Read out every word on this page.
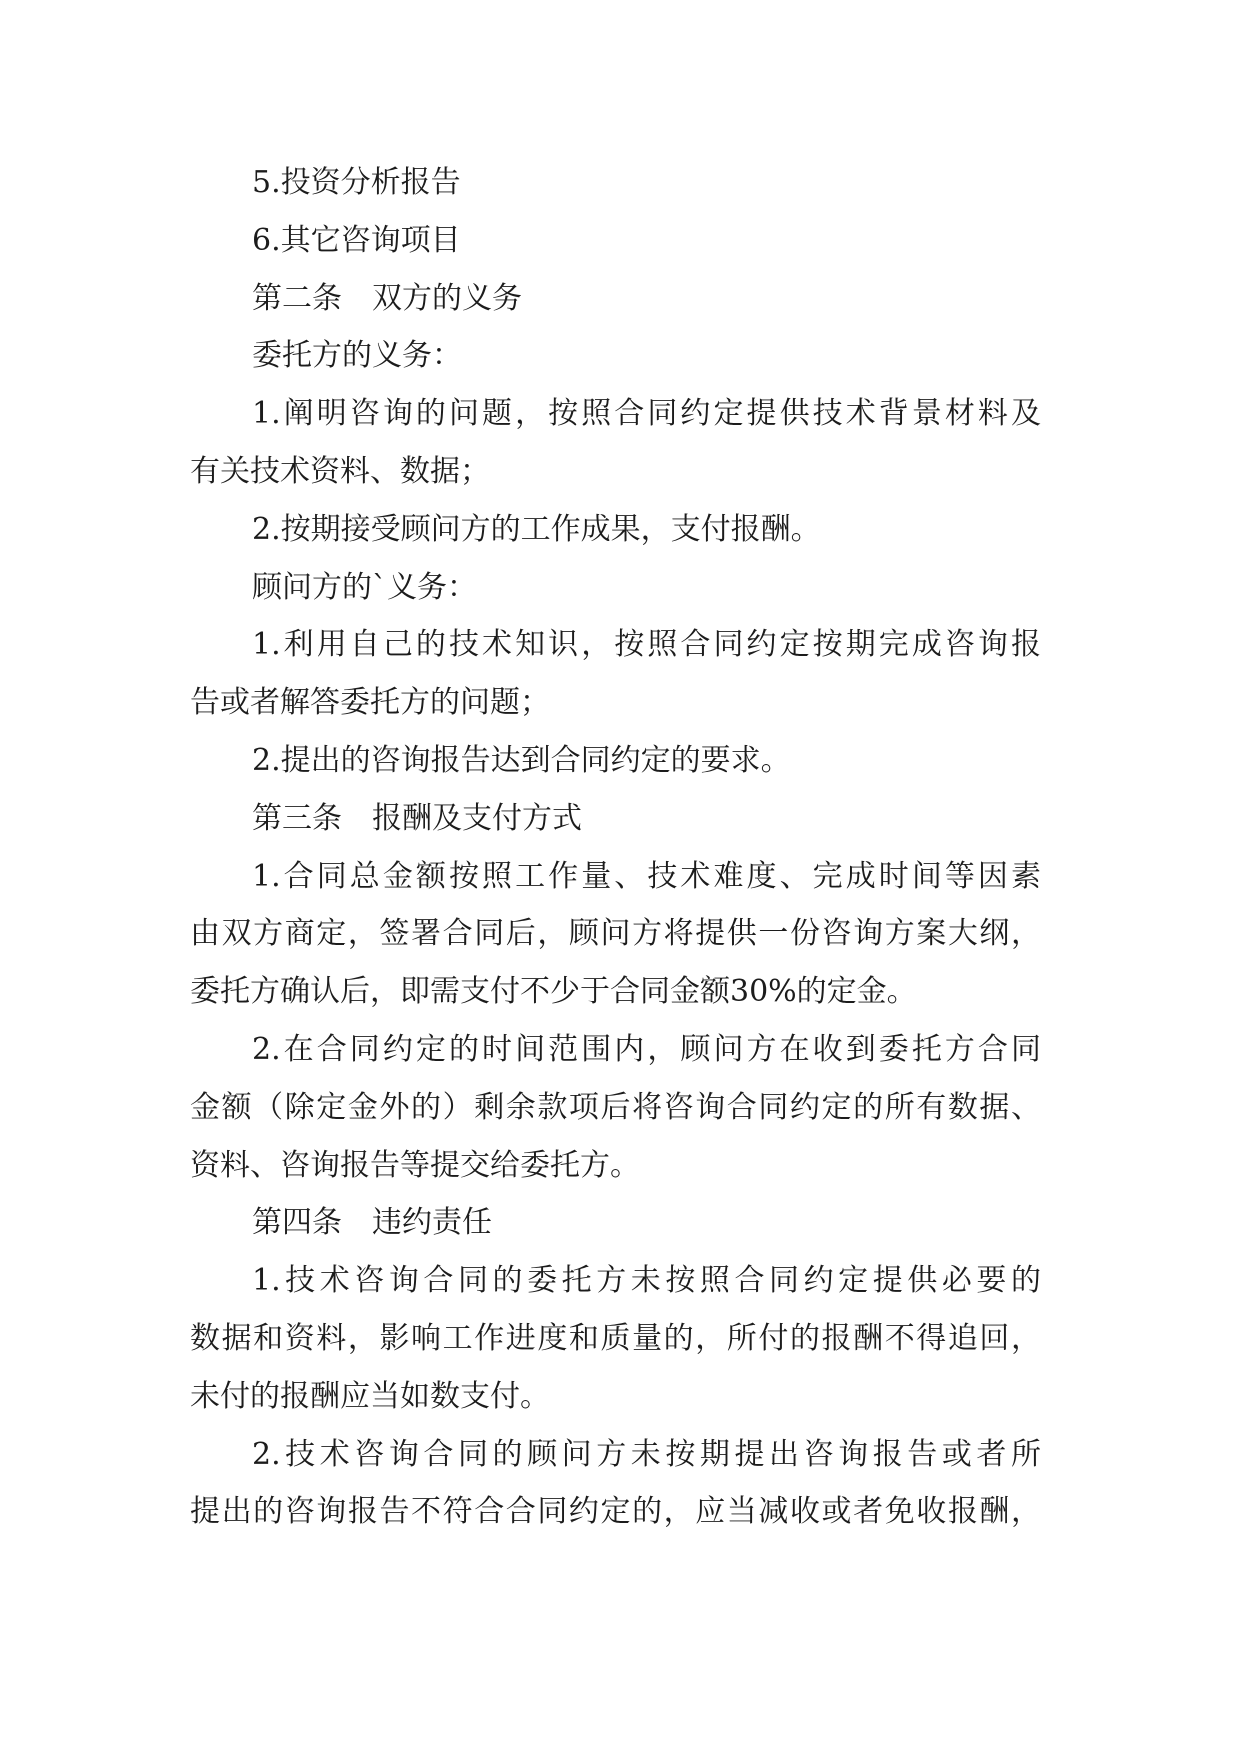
5.投资分析报告
6.其它咨询项目
第二条　双方的义务
委托方的义务：
1.阐明咨询的问题，按照合同约定提供技术背景材料及
有关技术资料、数据；
2.按期接受顾问方的工作成果，支付报酬。
顾问方的`义务：
1.利用自己的技术知识，按照合同约定按期完成咨询报
告或者解答委托方的问题；
2.提出的咨询报告达到合同约定的要求。
第三条　报酬及支付方式
1.合同总金额按照工作量、技术难度、完成时间等因素
由双方商定，签署合同后，顾问方将提供一份咨询方案大纲，
委托方确认后，即需支付不少于合同金额30%的定金。
2.在合同约定的时间范围内，顾问方在收到委托方合同
金额（除定金外的）剩余款项后将咨询合同约定的所有数据、
资料、咨询报告等提交给委托方。
第四条　违约责任
1.技术咨询合同的委托方未按照合同约定提供必要的
数据和资料，影响工作进度和质量的，所付的报酬不得追回，
未付的报酬应当如数支付。
2.技术咨询合同的顾问方未按期提出咨询报告或者所
提出的咨询报告不符合合同约定的，应当减收或者免收报酬，
